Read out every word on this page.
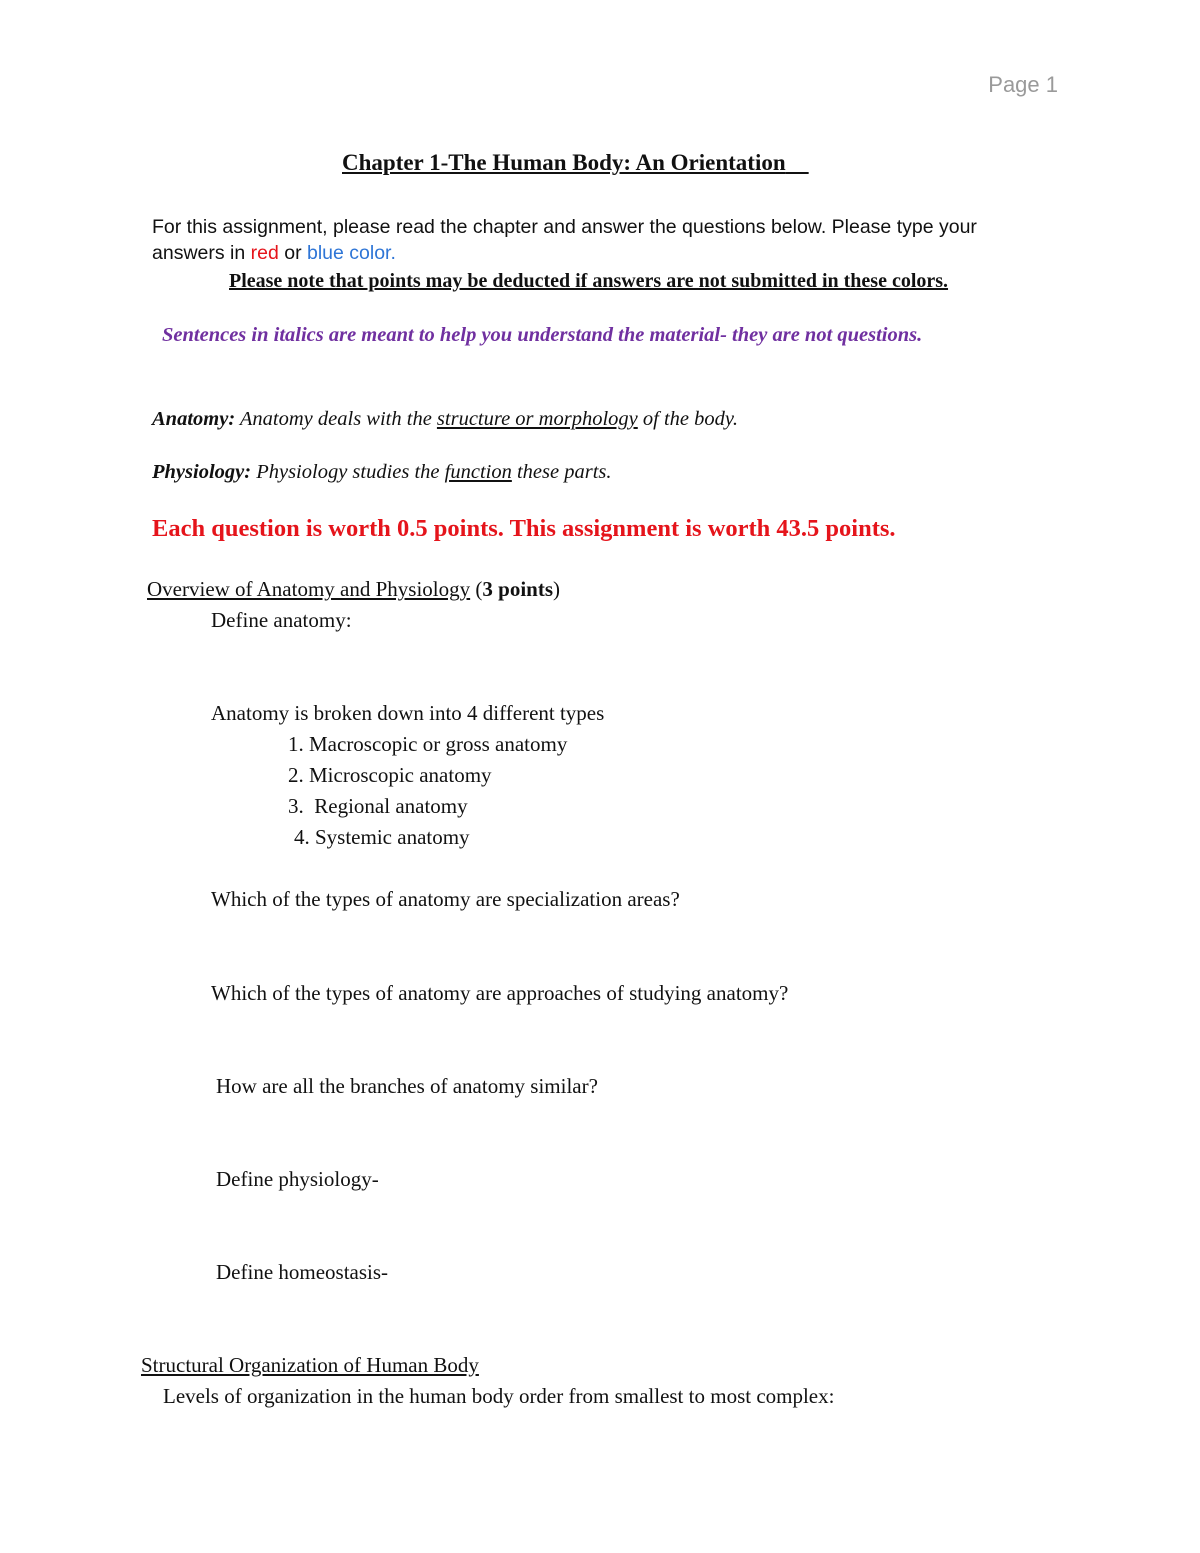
Page 1
Chapter 1-The Human Body: An Orientation
For this assignment, please read the chapter and answer the questions below. Please type your
answers in red or blue color.
Please note that points may be deducted if answers are not submitted in these colors.
Sentences in italics are meant to help you understand the material- they are not questions.
Anatomy: Anatomy deals with the structure or morphology of the body.
Physiology: Physiology studies the function these parts.
Each question is worth 0.5 points. This assignment is worth 43.5 points.
Overview of Anatomy and Physiology (3 points)
Define anatomy:
Anatomy is broken down into 4 different types
1. Macroscopic or gross anatomy
2. Microscopic anatomy
3.  Regional anatomy
4. Systemic anatomy
Which of the types of anatomy are specialization areas?
Which of the types of anatomy are approaches of studying anatomy?
How are all the branches of anatomy similar?
Define physiology-
Define homeostasis-
Structural Organization of Human Body
Levels of organization in the human body order from smallest to most complex:
